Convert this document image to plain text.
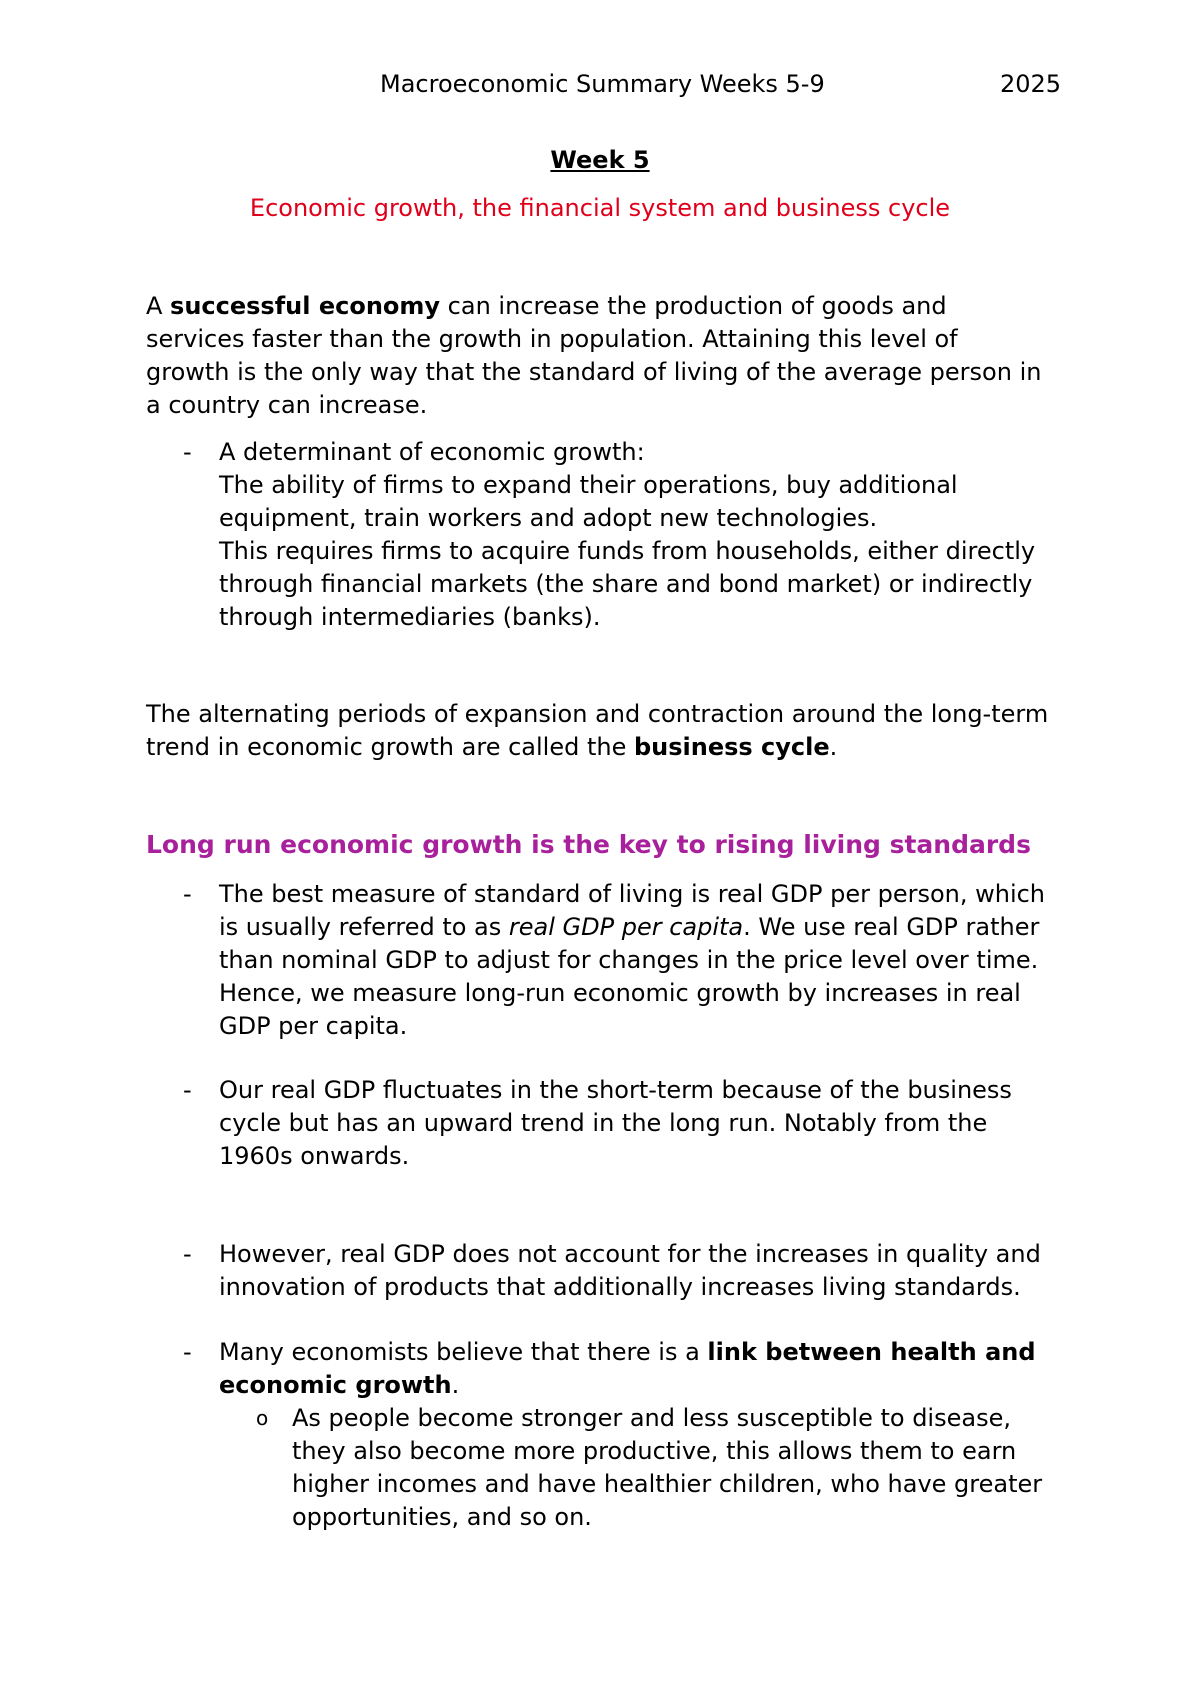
Macroeconomic Summary Weeks 5-9	2025
Week 5
Economic growth, the financial system and business cycle
A successful economy can increase the production of goods and
services faster than the growth in population. Attaining this level of
growth is the only way that the standard of living of the average person in
a country can increase.
-	A determinant of economic growth:
The ability of firms to expand their operations, buy additional
equipment, train workers and adopt new technologies.
This requires firms to acquire funds from households, either directly
through financial markets (the share and bond market) or indirectly
through intermediaries (banks).
The alternating periods of expansion and contraction around the long-term
trend in economic growth are called the business cycle.
Long run economic growth is the key to rising living standards
-	The best measure of standard of living is real GDP per person, which
is usually referred to as real GDP per capita. We use real GDP rather
than nominal GDP to adjust for changes in the price level over time.
Hence, we measure long-run economic growth by increases in real
GDP per capita.
-	Our real GDP fluctuates in the short-term because of the business
cycle but has an upward trend in the long run. Notably from the
1960s onwards.
-	However, real GDP does not account for the increases in quality and
innovation of products that additionally increases living standards.
-	Many economists believe that there is a link between health and
economic growth.
o As people become stronger and less susceptible to disease,
they also become more productive, this allows them to earn
higher incomes and have healthier children, who have greater
opportunities, and so on.
